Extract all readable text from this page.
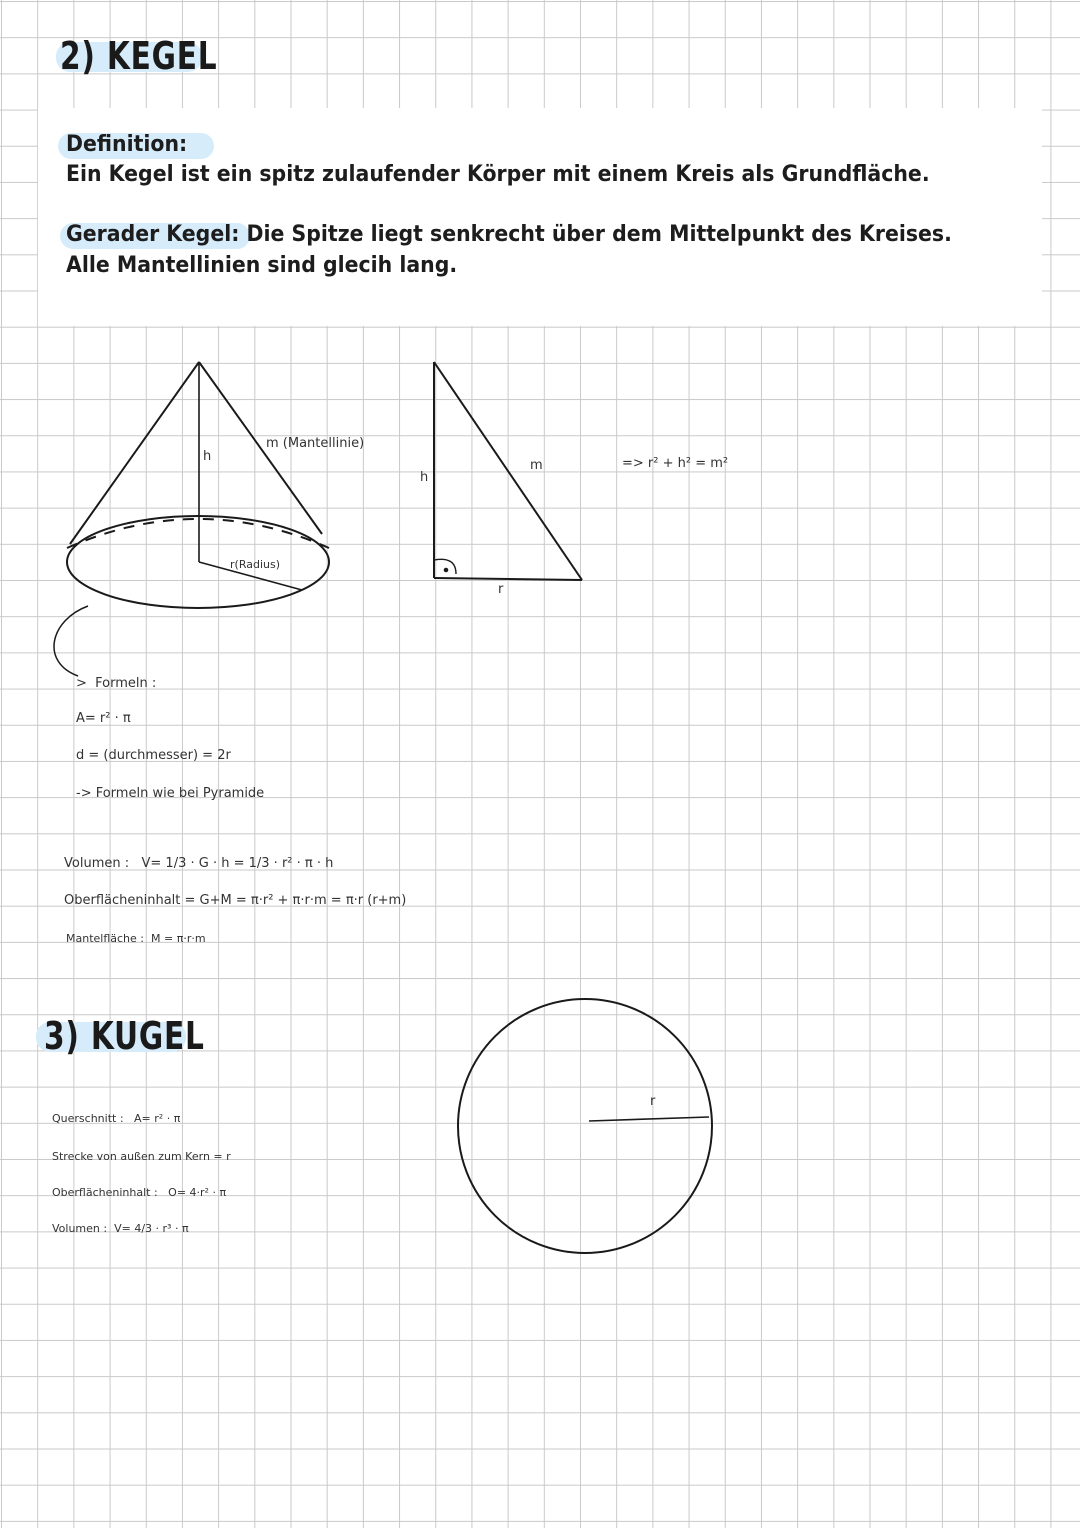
2) KEGEL
Definition:
Ein Kegel ist ein spitz zulaufender Körper mit einem Kreis als Grundfläche.
Gerader Kegel: Die Spitze liegt senkrecht über dem Mittelpunkt des Kreises.
Alle Mantellinien sind glecih lang.
h
m (Mantellinie)
r(Radius)
h
m
r
=> r² + h² = m²
> Formeln :
A= r² · π
d = (durchmesser) = 2r
-> Formeln wie bei Pyramide
Volumen : V= 1/3 · G · h = 1/3 · r² · π · h
Oberflächeninhalt = G+M = π·r² + π·r·m = π·r (r+m)
Mantelfläche : M = π·r·m
3) KUGEL
Querschnitt : A= r² · π
Strecke von außen zum Kern = r
Oberflächeninhalt : O= 4·r² · π
Volumen : V= 4/3 · r³ · π
r
